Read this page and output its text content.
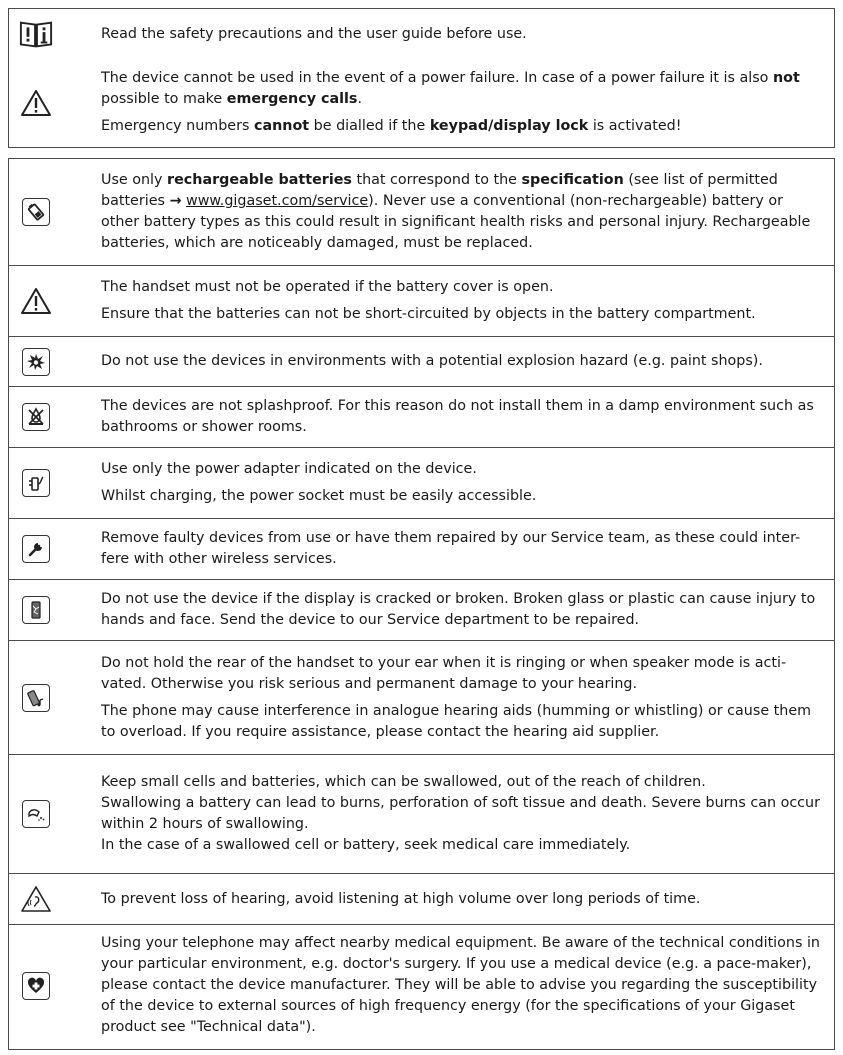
Read the safety precautions and the user guide before use.

The device cannot be used in the event of a power failure. In case of a power failure it is also not possible to make emergency calls.

Emergency numbers cannot be dialled if the keypad/display lock is activated!

Use only rechargeable batteries that correspond to the specification (see list of permitted batteries → www.gigaset.com/service). Never use a conventional (non-rechargeable) battery or other battery types as this could result in significant health risks and personal injury. Rechargeable batteries, which are noticeably damaged, must be replaced.

The handset must not be operated if the battery cover is open.

Ensure that the batteries can not be short-circuited by objects in the battery compartment.

Do not use the devices in environments with a potential explosion hazard (e.g. paint shops).

The devices are not splashproof. For this reason do not install them in a damp environment such as bathrooms or shower rooms.

Use only the power adapter indicated on the device.

Whilst charging, the power socket must be easily accessible.

Remove faulty devices from use or have them repaired by our Service team, as these could inter-fere with other wireless services.

Do not use the device if the display is cracked or broken. Broken glass or plastic can cause injury to hands and face. Send the device to our Service department to be repaired.

Do not hold the rear of the handset to your ear when it is ringing or when speaker mode is acti-vated. Otherwise you risk serious and permanent damage to your hearing.

The phone may cause interference in analogue hearing aids (humming or whistling) or cause them to overload. If you require assistance, please contact the hearing aid supplier.

Keep small cells and batteries, which can be swallowed, out of the reach of children.

Swallowing a battery can lead to burns, perforation of soft tissue and death. Severe burns can occur within 2 hours of swallowing.

In the case of a swallowed cell or battery, seek medical care immediately.

To prevent loss of hearing, avoid listening at high volume over long periods of time.

Using your telephone may affect nearby medical equipment. Be aware of the technical conditions in your particular environment, e.g. doctor's surgery. If you use a medical device (e.g. a pace-maker), please contact the device manufacturer. They will be able to advise you regarding the susceptibility of the device to external sources of high frequency energy (for the specifications of your Gigaset product see "Technical data").
